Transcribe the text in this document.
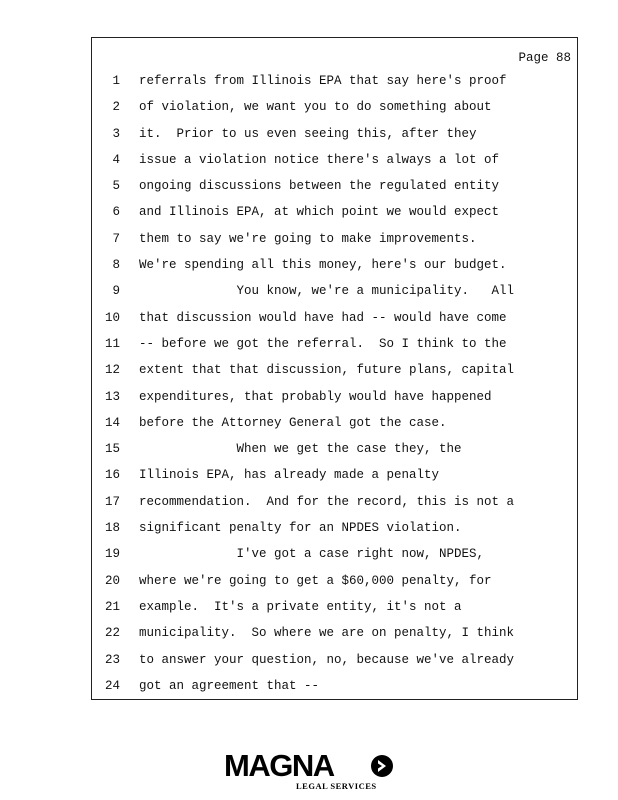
Page 88
1 referrals from Illinois EPA that say here's proof
2 of violation, we want you to do something about
3 it.  Prior to us even seeing this, after they
4 issue a violation notice there's always a lot of
5 ongoing discussions between the regulated entity
6 and Illinois EPA, at which point we would expect
7 them to say we're going to make improvements.
8 We're spending all this money, here's our budget.
9 You know, we're a municipality.   All
10 that discussion would have had -- would have come
11 -- before we got the referral.  So I think to the
12 extent that that discussion, future plans, capital
13 expenditures, that probably would have happened
14 before the Attorney General got the case.
15 When we get the case they, the
16 Illinois EPA, has already made a penalty
17 recommendation.  And for the record, this is not a
18 significant penalty for an NPDES violation.
19 I've got a case right now, NPDES,
20 where we're going to get a $60,000 penalty, for
21 example.  It's a private entity, it's not a
22 municipality.  So where we are on penalty, I think
23 to answer your question, no, because we've already
24 got an agreement that --
MAGNA
LEGAL SERVICES
